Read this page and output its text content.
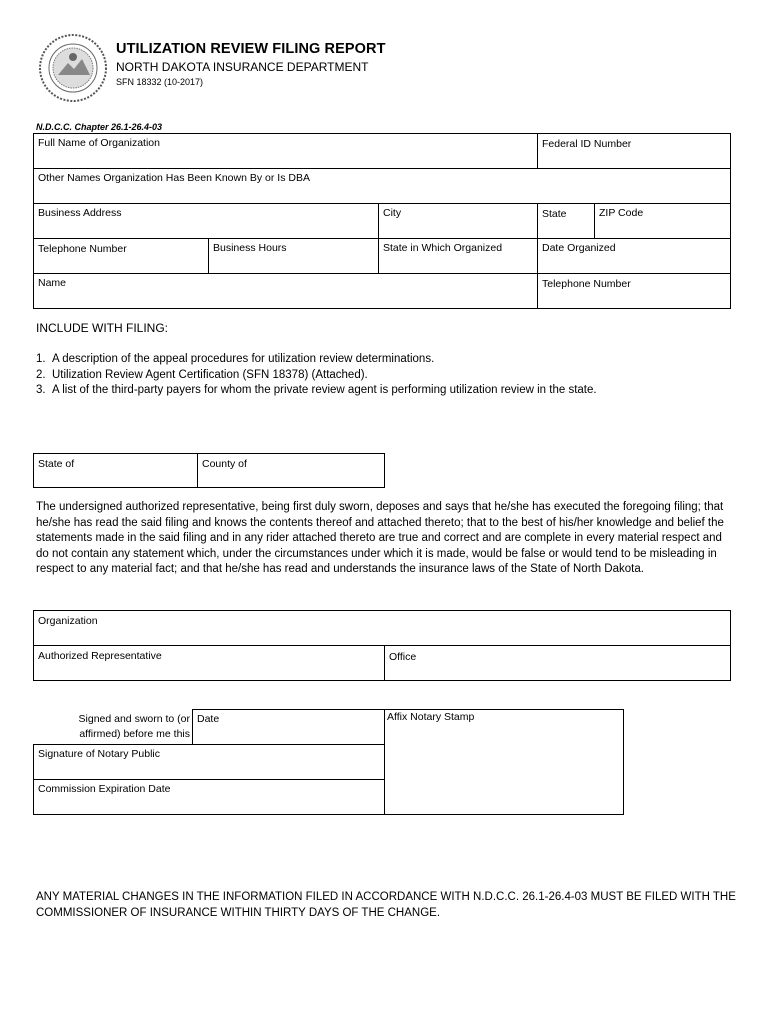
UTILIZATION REVIEW FILING REPORT
NORTH DAKOTA INSURANCE DEPARTMENT
SFN 18332 (10-2017)
N.D.C.C. Chapter 26.1-26.4-03
Full Name of Organization	Federal ID Number
Other Names Organization Has Been Known By or Is DBA
Business Address	City	State	ZIP Code
Telephone Number	Business Hours	State in Which Organized	Date Organized
Name	Telephone Number
INCLUDE WITH FILING:
1. A description of the appeal procedures for utilization review determinations.
2. Utilization Review Agent Certification (SFN 18378) (Attached).
3. A list of the third-party payers for whom the private review agent is performing utilization review in the state.
State of	County of
The undersigned authorized representative, being first duly sworn, deposes and says that he/she has executed the foregoing filing; that he/she has read the said filing and knows the contents thereof and attached thereto; that to the best of his/her knowledge and belief the statements made in the said filing and in any rider attached thereto are true and correct and are complete in every material respect and do not contain any statement which, under the circumstances under which it is made, would be false or would tend to be misleading in respect to any material fact; and that he/she has read and understands the insurance laws of the State of North Dakota.
Organization
Authorized Representative	Office
Signed and sworn to (or
affirmed) before me this
Date	Affix Notary Stamp
Signature of Notary Public
Commission Expiration Date
ANY MATERIAL CHANGES IN THE INFORMATION FILED IN ACCORDANCE WITH N.D.C.C. 26.1-26.4-03 MUST BE FILED WITH THE COMMISSIONER OF INSURANCE WITHIN THIRTY DAYS OF THE CHANGE.
